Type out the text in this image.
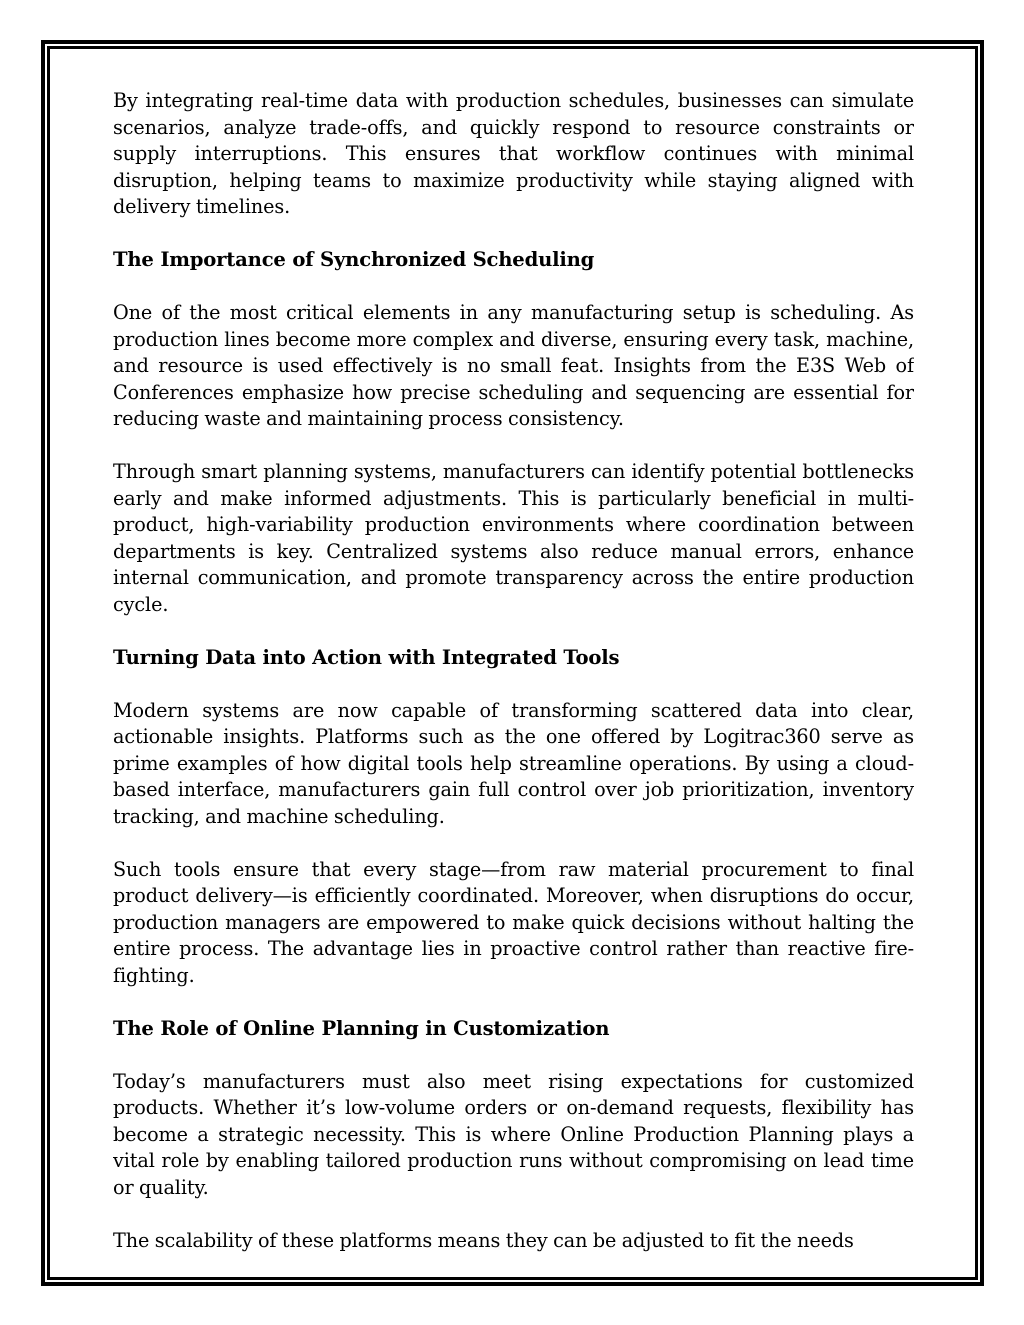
By integrating real-time data with production schedules, businesses can simulate scenarios, analyze trade-offs, and quickly respond to resource constraints or supply interruptions. This ensures that workflow continues with minimal disruption, helping teams to maximize productivity while staying aligned with delivery timelines.

The Importance of Synchronized Scheduling

One of the most critical elements in any manufacturing setup is scheduling. As production lines become more complex and diverse, ensuring every task, machine, and resource is used effectively is no small feat. Insights from the E3S Web of Conferences emphasize how precise scheduling and sequencing are essential for reducing waste and maintaining process consistency.

Through smart planning systems, manufacturers can identify potential bottlenecks early and make informed adjustments. This is particularly beneficial in multi-product, high-variability production environments where coordination between departments is key. Centralized systems also reduce manual errors, enhance internal communication, and promote transparency across the entire production cycle.

Turning Data into Action with Integrated Tools

Modern systems are now capable of transforming scattered data into clear, actionable insights. Platforms such as the one offered by Logitrac360 serve as prime examples of how digital tools help streamline operations. By using a cloud-based interface, manufacturers gain full control over job prioritization, inventory tracking, and machine scheduling.

Such tools ensure that every stage—from raw material procurement to final product delivery—is efficiently coordinated. Moreover, when disruptions do occur, production managers are empowered to make quick decisions without halting the entire process. The advantage lies in proactive control rather than reactive fire-fighting.

The Role of Online Planning in Customization

Today’s manufacturers must also meet rising expectations for customized products. Whether it’s low-volume orders or on-demand requests, flexibility has become a strategic necessity. This is where Online Production Planning plays a vital role by enabling tailored production runs without compromising on lead time or quality.

The scalability of these platforms means they can be adjusted to fit the needs
